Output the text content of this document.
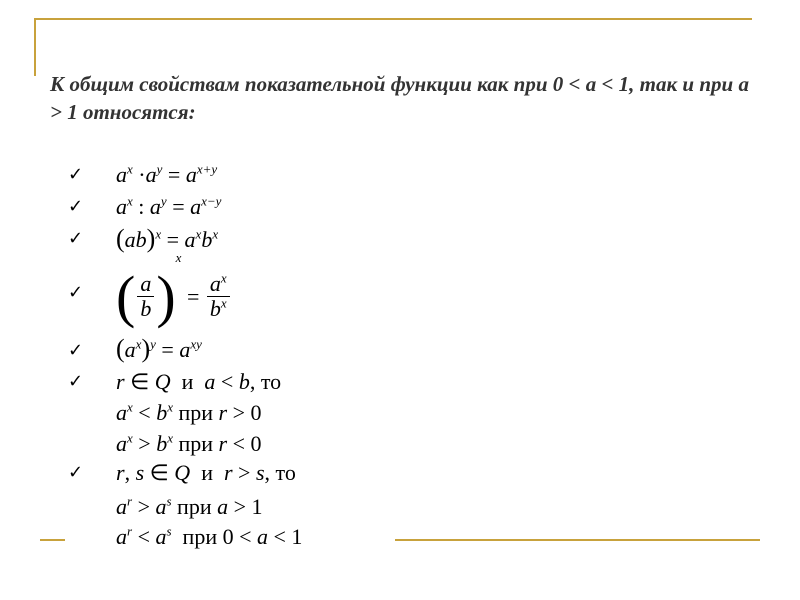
К общим свойствам показательной функции как при 0 < а < 1, так и при а > 1 относятся:
✓ $a^x \cdot a^y = a^{x+y}$
✓ $a^x$ : $a^y = a^{x-y}$
✓ $(ab)^x = a^xb^x$
✓ ( $\frac{a}{b} )^x = \frac{a^x}{b^x}$
✓ $(a^x)^y = a^{xy}$
✓ r ∈ Q и a < b, то
$a^x < b^x$ при r > 0
$a^x > b^x$ при r < 0
✓ r, s ∈ Q и r > s, то
$a^r > a^s$ при a > 1
$a^r < a^s$ при 0 < a < 1
